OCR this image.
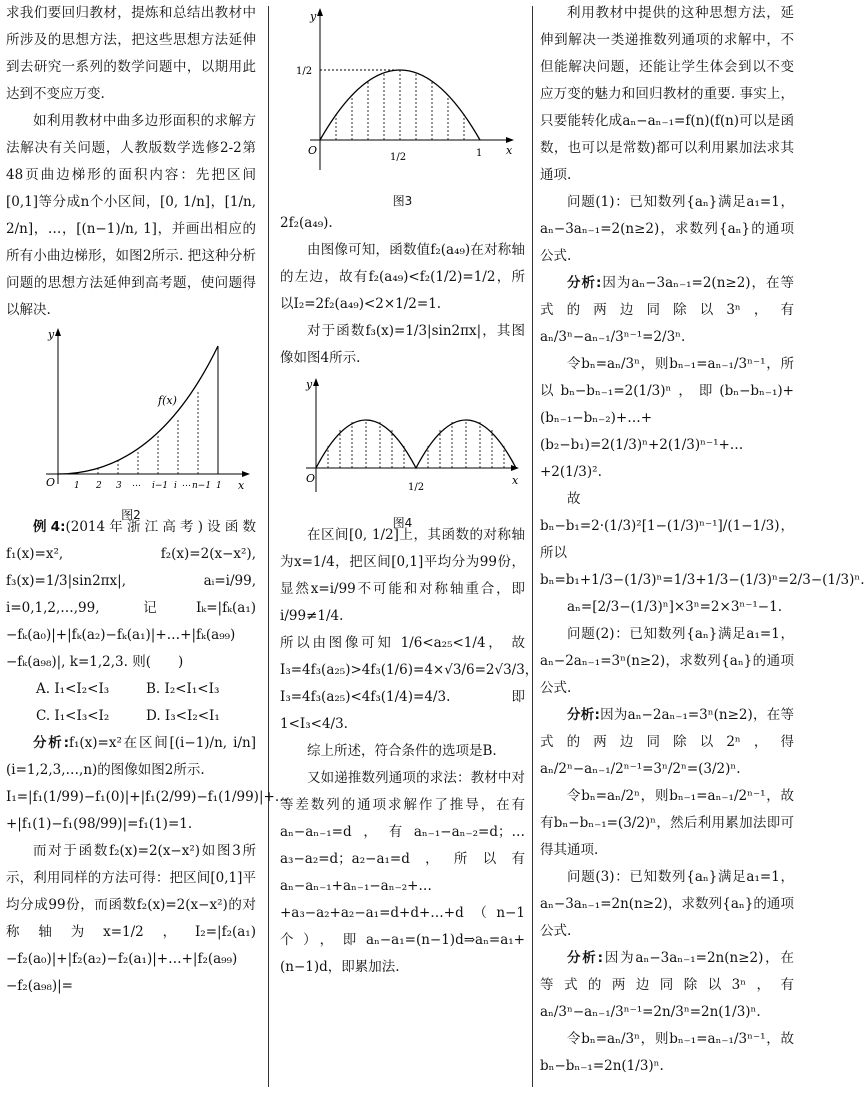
求我们要回归教材，提炼和总结出教材中所涉及的思想方法，把这些思想方法延伸到去研究一系列的数学问题中，以期用此达到不变应万变.

如利用教材中曲多边形面积的求解方法解决有关问题，人教版数学选修2-2第48页曲边梯形的面积内容：先把区间[0,1]等分成n个小区间，[0, 1/n]，[1/n, 2/n]，…，[(n−1)/n, 1]，并画出相应的所有小曲边梯形，如图2所示. 把这种分析问题的思想方法延伸到高考题，使问题得以解决.

y
x
O
f(x)
1 2 3 … i−1 i … n−1 1
图2

例4:(2014年浙江高考)设函数f₁(x)=x², f₂(x)=2(x−x²), f₃(x)=1/3|sin2πx|, aᵢ=i/99, i=0,1,2,…,99, 记Iₖ=|fₖ(a₁)−fₖ(a₀)|+|fₖ(a₂)−fₖ(a₁)|+…+|fₖ(a₉₉)−fₖ(a₉₈)|, k=1,2,3. 则(　　)

A. I₁<I₂<I₃	B. I₂<I₁<I₃
C. I₁<I₃<I₂	D. I₃<I₂<I₁

分析:f₁(x)=x²在区间[(i−1)/n, i/n](i=1,2,3,…,n)的图像如图2所示.

I₁=|f₁(1/99)−f₁(0)|+|f₁(2/99)−f₁(1/99)|+…+|f₁(1)−f₁(98/99)|=f₁(1)=1.

而对于函数f₂(x)=2(x−x²)如图3所示，利用同样的方法可得：把区间[0,1]平均分成99份，而函数f₂(x)=2(x−x²)的对称轴为x=1/2，I₂=|f₂(a₁)−f₂(a₀)|+|f₂(a₂)−f₂(a₁)|+…+|f₂(a₉₉)−f₂(a₉₈)|=

y
x
O
1/2
1/2	1
图3

2f₂(a₄₉).

由图像可知，函数值f₂(a₄₉)在对称轴的左边，故有f₂(a₄₉)<f₂(1/2)=1/2，所以I₂=2f₂(a₄₉)<2×1/2=1.

对于函数f₃(x)=1/3|sin2πx|，其图像如图4所示.

y
x
O
1/2
图4

在区间[0, 1/2]上，其函数的对称轴为x=1/4，把区间[0,1]平均分为99份，显然x=i/99不可能和对称轴重合，即i/99≠1/4.

所以由图像可知 1/6<a₂₅<1/4， 故I₃=4f₃(a₂₅)>4f₃(1/6)=4×√3/6=2√3/3，I₃=4f₃(a₂₅)<4f₃(1/4)=4/3. 即1<I₃<4/3.

综上所述，符合条件的选项是B.

又如递推数列通项的求法：教材中对等差数列的通项求解作了推导，在有aₙ−aₙ₋₁=d，有aₙ₋₁−aₙ₋₂=d；…a₃−a₂=d；a₂−a₁=d，所以有aₙ−aₙ₋₁+aₙ₋₁−aₙ₋₂+…+a₃−a₂+a₂−a₁=d+d+…+d（n−1个），即aₙ−a₁=(n−1)d⇒aₙ=a₁+(n−1)d，即累加法.

利用教材中提供的这种思想方法，延伸到解决一类递推数列通项的求解中，不但能解决问题，还能让学生体会到以不变应万变的魅力和回归教材的重要. 事实上，只要能转化成aₙ−aₙ₋₁=f(n)(f(n)可以是函数，也可以是常数)都可以利用累加法求其通项.

问题(1)：已知数列{aₙ}满足a₁=1，aₙ−3aₙ₋₁=2(n≥2)，求数列{aₙ}的通项公式.

分析:因为aₙ−3aₙ₋₁=2(n≥2)，在等式的两边同除以3ⁿ，有aₙ/3ⁿ−aₙ₋₁/3ⁿ⁻¹=2/3ⁿ.

令bₙ=aₙ/3ⁿ，则bₙ₋₁=aₙ₋₁/3ⁿ⁻¹，所以bₙ−bₙ₋₁=2(1/3)ⁿ，即(bₙ−bₙ₋₁)+(bₙ₋₁−bₙ₋₂)+…+(b₂−b₁)=2(1/3)ⁿ+2(1/3)ⁿ⁻¹+…+2(1/3)².

故bₙ−b₁=2·(1/3)²[1−(1/3)ⁿ⁻¹]/(1−1/3)，所以

bₙ=b₁+1/3−(1/3)ⁿ=1/3+1/3−(1/3)ⁿ=2/3−(1/3)ⁿ.

aₙ=[2/3−(1/3)ⁿ]×3ⁿ=2×3ⁿ⁻¹−1.

问题(2)：已知数列{aₙ}满足a₁=1，aₙ−2aₙ₋₁=3ⁿ(n≥2)，求数列{aₙ}的通项公式.

分析:因为aₙ−2aₙ₋₁=3ⁿ(n≥2)，在等式的两边同除以2ⁿ，得aₙ/2ⁿ−aₙ₋₁/2ⁿ⁻¹=3ⁿ/2ⁿ=(3/2)ⁿ.

令bₙ=aₙ/2ⁿ，则bₙ₋₁=aₙ₋₁/2ⁿ⁻¹，故有bₙ−bₙ₋₁=(3/2)ⁿ，然后利用累加法即可得其通项.

问题(3)：已知数列{aₙ}满足a₁=1，aₙ−3aₙ₋₁=2n(n≥2)，求数列{aₙ}的通项公式.

分析:因为aₙ−3aₙ₋₁=2n(n≥2)，在等式的两边同除以3ⁿ，有aₙ/3ⁿ−aₙ₋₁/3ⁿ⁻¹=2n/3ⁿ=2n(1/3)ⁿ.

令bₙ=aₙ/3ⁿ，则bₙ₋₁=aₙ₋₁/3ⁿ⁻¹，故bₙ−bₙ₋₁=2n(1/3)ⁿ.
